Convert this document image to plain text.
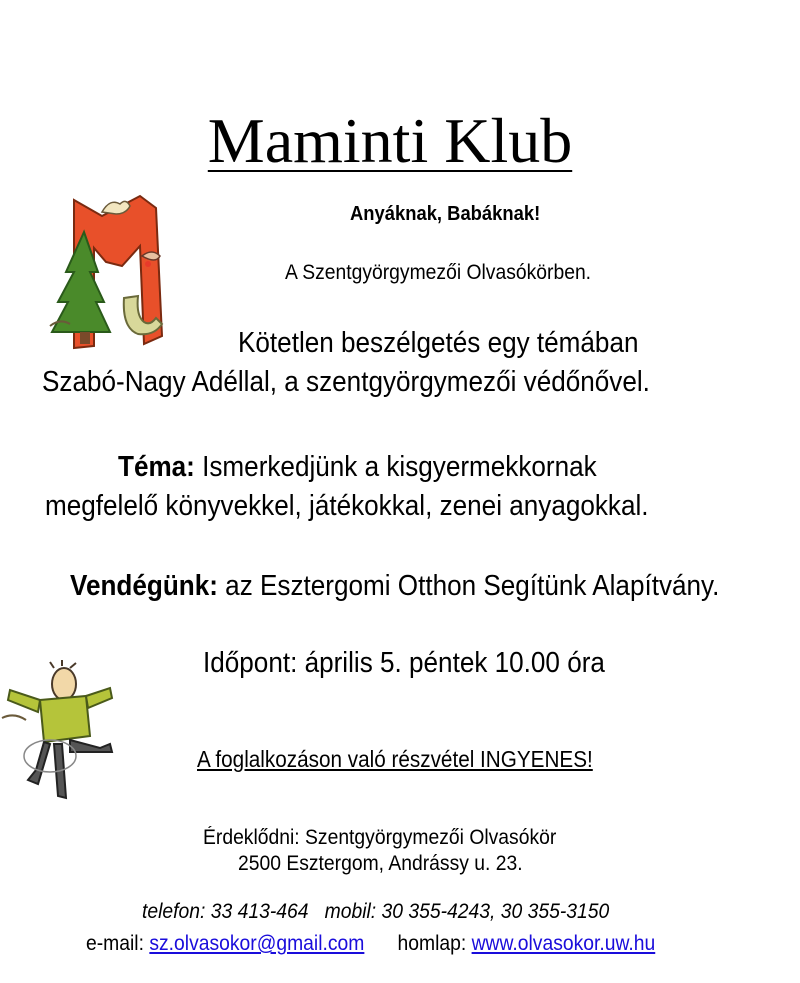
Maminti Klub
Anyáknak, Babáknak!
A Szentgyörgymezői Olvasókörben.
Kötetlen beszélgetés egy témában
Szabó-Nagy Adéllal, a szentgyörgymezői védőnővel.
Téma: Ismerkedjünk a kisgyermekkornak
megfelelő könyvekkel, játékokkal, zenei anyagokkal.
Vendégünk: az Esztergomi Otthon Segítünk Alapítvány.
Időpont: április 5. péntek 10.00 óra
A foglalkozáson való részvétel INGYENES!
Érdeklődni: Szentgyörgymezői Olvasókör
2500 Esztergom, Andrássy u. 23.
telefon: 33 413-464   mobil: 30 355-4243, 30 355-3150
e-mail: sz.olvasokor@gmail.com homlap: www.olvasokor.uw.hu
